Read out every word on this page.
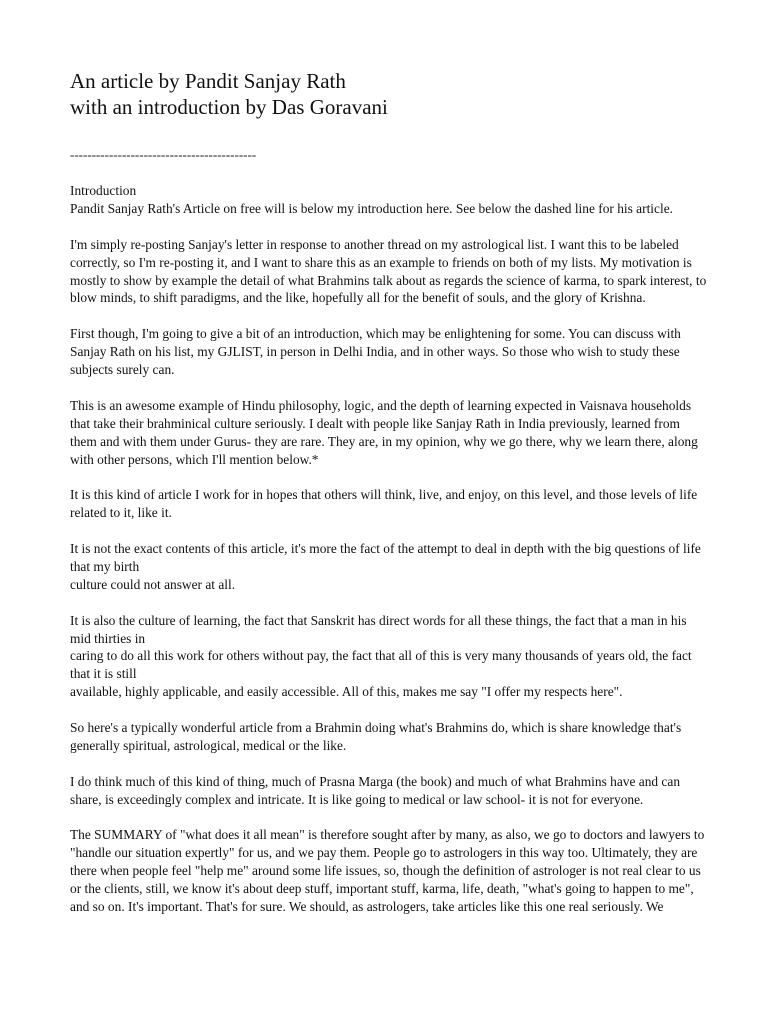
An article by Pandit Sanjay Rath
with an introduction by Das Goravani
-------------------------------------------
Introduction
Pandit Sanjay Rath's Article on free will is below my introduction here. See below the dashed line for his article.
I'm simply re-posting Sanjay's letter in response to another thread on my astrological list. I want this to be labeled correctly, so I'm re-posting it, and I want to share this as an example to friends on both of my lists. My motivation is mostly to show by example the detail of what Brahmins talk about as regards the science of karma, to spark interest, to blow minds, to shift paradigms, and the like, hopefully all for the benefit of souls, and the glory of Krishna.
First though, I'm going to give a bit of an introduction, which may be enlightening for some. You can discuss with Sanjay Rath on his list, my GJLIST, in person in Delhi India, and in other ways. So those who wish to study these subjects surely can.
This is an awesome example of Hindu philosophy, logic, and the depth of learning expected in Vaisnava households that take their brahminical culture seriously. I dealt with people like Sanjay Rath in India previously, learned from them and with them under Gurus- they are rare. They are, in my opinion, why we go there, why we learn there, along with other persons, which I'll mention below.*
It is this kind of article I work for in hopes that others will think, live, and enjoy, on this level, and those levels of life related to it, like it.
It is not the exact contents of this article, it's more the fact of the attempt to deal in depth with the big questions of life that my birth
culture could not answer at all.
It is also the culture of learning, the fact that Sanskrit has direct words for all these things, the fact that a man in his mid thirties in
caring to do all this work for others without pay, the fact that all of this is very many thousands of years old, the fact that it is still
available, highly applicable, and easily accessible. All of this, makes me say "I offer my respects here".
So here's a typically wonderful article from a Brahmin doing what's Brahmins do, which is share knowledge that's generally spiritual, astrological, medical or the like.
I do think much of this kind of thing, much of Prasna Marga (the book) and much of what Brahmins have and can share, is exceedingly complex and intricate. It is like going to medical or law school- it is not for everyone.
The SUMMARY of "what does it all mean" is therefore sought after by many, as also, we go to doctors and lawyers to "handle our situation expertly" for us, and we pay them. People go to astrologers in this way too. Ultimately, they are there when people feel "help me" around some life issues, so, though the definition of astrologer is not real clear to us or the clients, still, we know it's about deep stuff, important stuff, karma, life, death, "what's going to happen to me", and so on. It's important. That's for sure. We should, as astrologers, take articles like this one real seriously. We
